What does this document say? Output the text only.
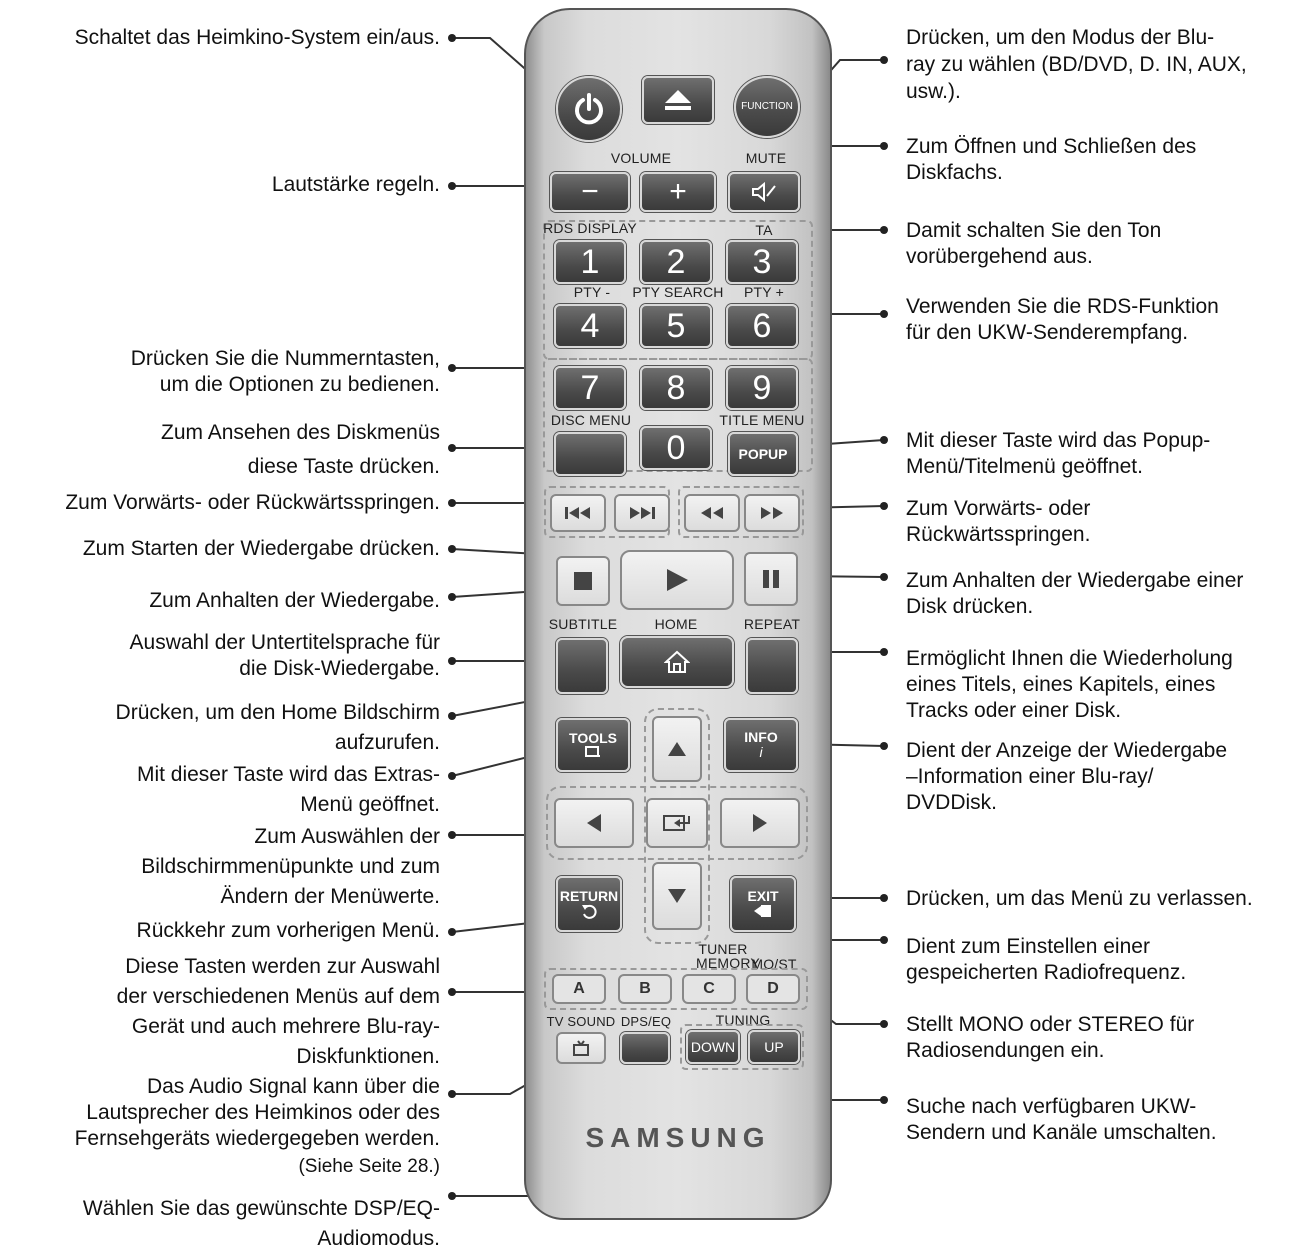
FUNCTION
VOLUME
− +
MUTE
RDS DISPLAY	TA
1 2 3
PTY -	PTY SEARCH	PTY +
4 5 6
7 8 9
DISC MENU	TITLE MENU
0	POPUP
SUBTITLE	HOME	REPEAT
TOOLS	INFO
i
RETURN	EXIT
TUNER
MEMORY
MO/ST
A	B	C	D
TV SOUND DPS/EQ	TUNING
DOWN UP
SAMSUNG
Schaltet das Heimkino-System ein/aus.
Lautstärke regeln.
Drücken Sie die Nummerntasten,
um die Optionen zu bedienen.
Zum Ansehen des Diskmenüs
diese Taste drücken.
Zum Vorwärts- oder Rückwärtsspringen.
Zum Starten der Wiedergabe drücken.
Zum Anhalten der Wiedergabe.
Auswahl der Untertitelsprache für
die Disk-Wiedergabe.
Drücken, um den Home Bildschirm
aufzurufen.
Mit dieser Taste wird das Extras-
Menü geöffnet.
Zum Auswählen der
Bildschirmmenüpunkte und zum
Ändern der Menüwerte.
Rückkehr zum vorherigen Menü.
Diese Tasten werden zur Auswahl
der verschiedenen Menüs auf dem
Gerät und auch mehrere Blu-ray-
Diskfunktionen.
Das Audio Signal kann über die
Lautsprecher des Heimkinos oder des
Fernsehgeräts wiedergegeben werden.
(Siehe Seite 28.)
Wählen Sie das gewünschte DSP/EQ-
Audiomodus.
Drücken, um den Modus der Blu-
ray zu wählen (BD/DVD, D. IN, AUX,
usw.).
Zum Öffnen und Schließen des
Diskfachs.
Damit schalten Sie den Ton
vorübergehend aus.
Verwenden Sie die RDS-Funktion
für den UKW-Senderempfang.
Mit dieser Taste wird das Popup-
Menü/Titelmenü geöffnet.
Zum Vorwärts- oder
Rückwärtsspringen.
Zum Anhalten der Wiedergabe einer
Disk drücken.
Ermöglicht Ihnen die Wiederholung
eines Titels, eines Kapitels, eines
Tracks oder einer Disk.
Dient der Anzeige der Wiedergabe
–Information einer Blu-ray/
DVDDisk.
Drücken, um das Menü zu verlassen.
Dient zum Einstellen einer
gespeicherten Radiofrequenz.
Stellt MONO oder STEREO für
Radiosendungen ein.
Suche nach verfügbaren UKW-
Sendern und Kanäle umschalten.
